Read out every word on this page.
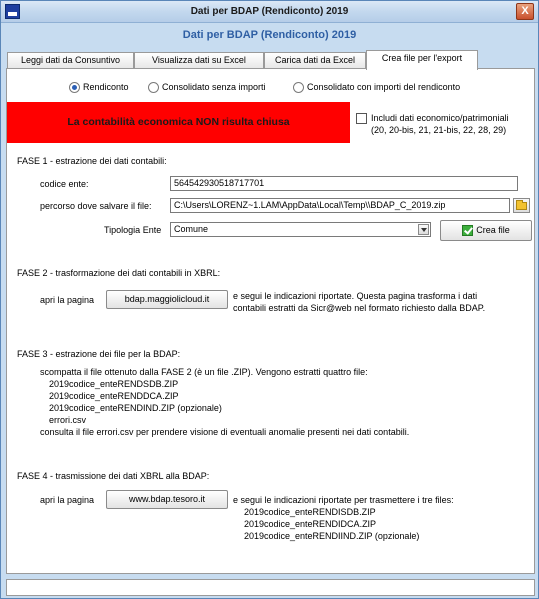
Dati per BDAP (Rendiconto) 2019	X
Dati per BDAP (Rendiconto) 2019
Leggi dati da Consuntivo	Visualizza dati su Excel	Carica dati da Excel	Crea file per l'export
Rendiconto	Consolidato senza importi	Consolidato con importi del rendiconto
La contabilità economica NON risulta chiusa	Includi dati economico/patrimoniali
(20, 20-bis, 21, 21-bis, 22, 28, 29)
FASE 1 - estrazione dei dati contabili:
codice ente:	564542930518717701
percorso dove salvare il file:	C:\Users\LORENZ~1.LAM\AppData\Local\Temp\\BDAP_C_2019.zip
Tipologia Ente	Comune	Crea file
FASE 2 - trasformazione dei dati contabili in XBRL:
apri la pagina	bdap.maggiolicloud.it	e segui le indicazioni riportate. Questa pagina trasforma i dati
contabili estratti da Sicr@web nel formato richiesto dalla BDAP.
FASE 3 - estrazione dei file per la BDAP:
scompatta il file ottenuto dalla FASE 2 (è un file .ZIP). Vengono estratti quattro file:
2019codice_enteRENDSDB.ZIP
2019codice_enteRENDDCA.ZIP
2019codice_enteRENDIND.ZIP (opzionale)
errori.csv
consulta il file errori.csv per prendere visione di eventuali anomalie presenti nei dati contabili.
FASE 4 - trasmissione dei dati XBRL alla BDAP:
apri la pagina	www.bdap.tesoro.it	e segui le indicazioni riportate per trasmettere i tre files:
2019codice_enteRENDISDB.ZIP
2019codice_enteRENDIDCA.ZIP
2019codice_enteRENDIIND.ZIP (opzionale)
